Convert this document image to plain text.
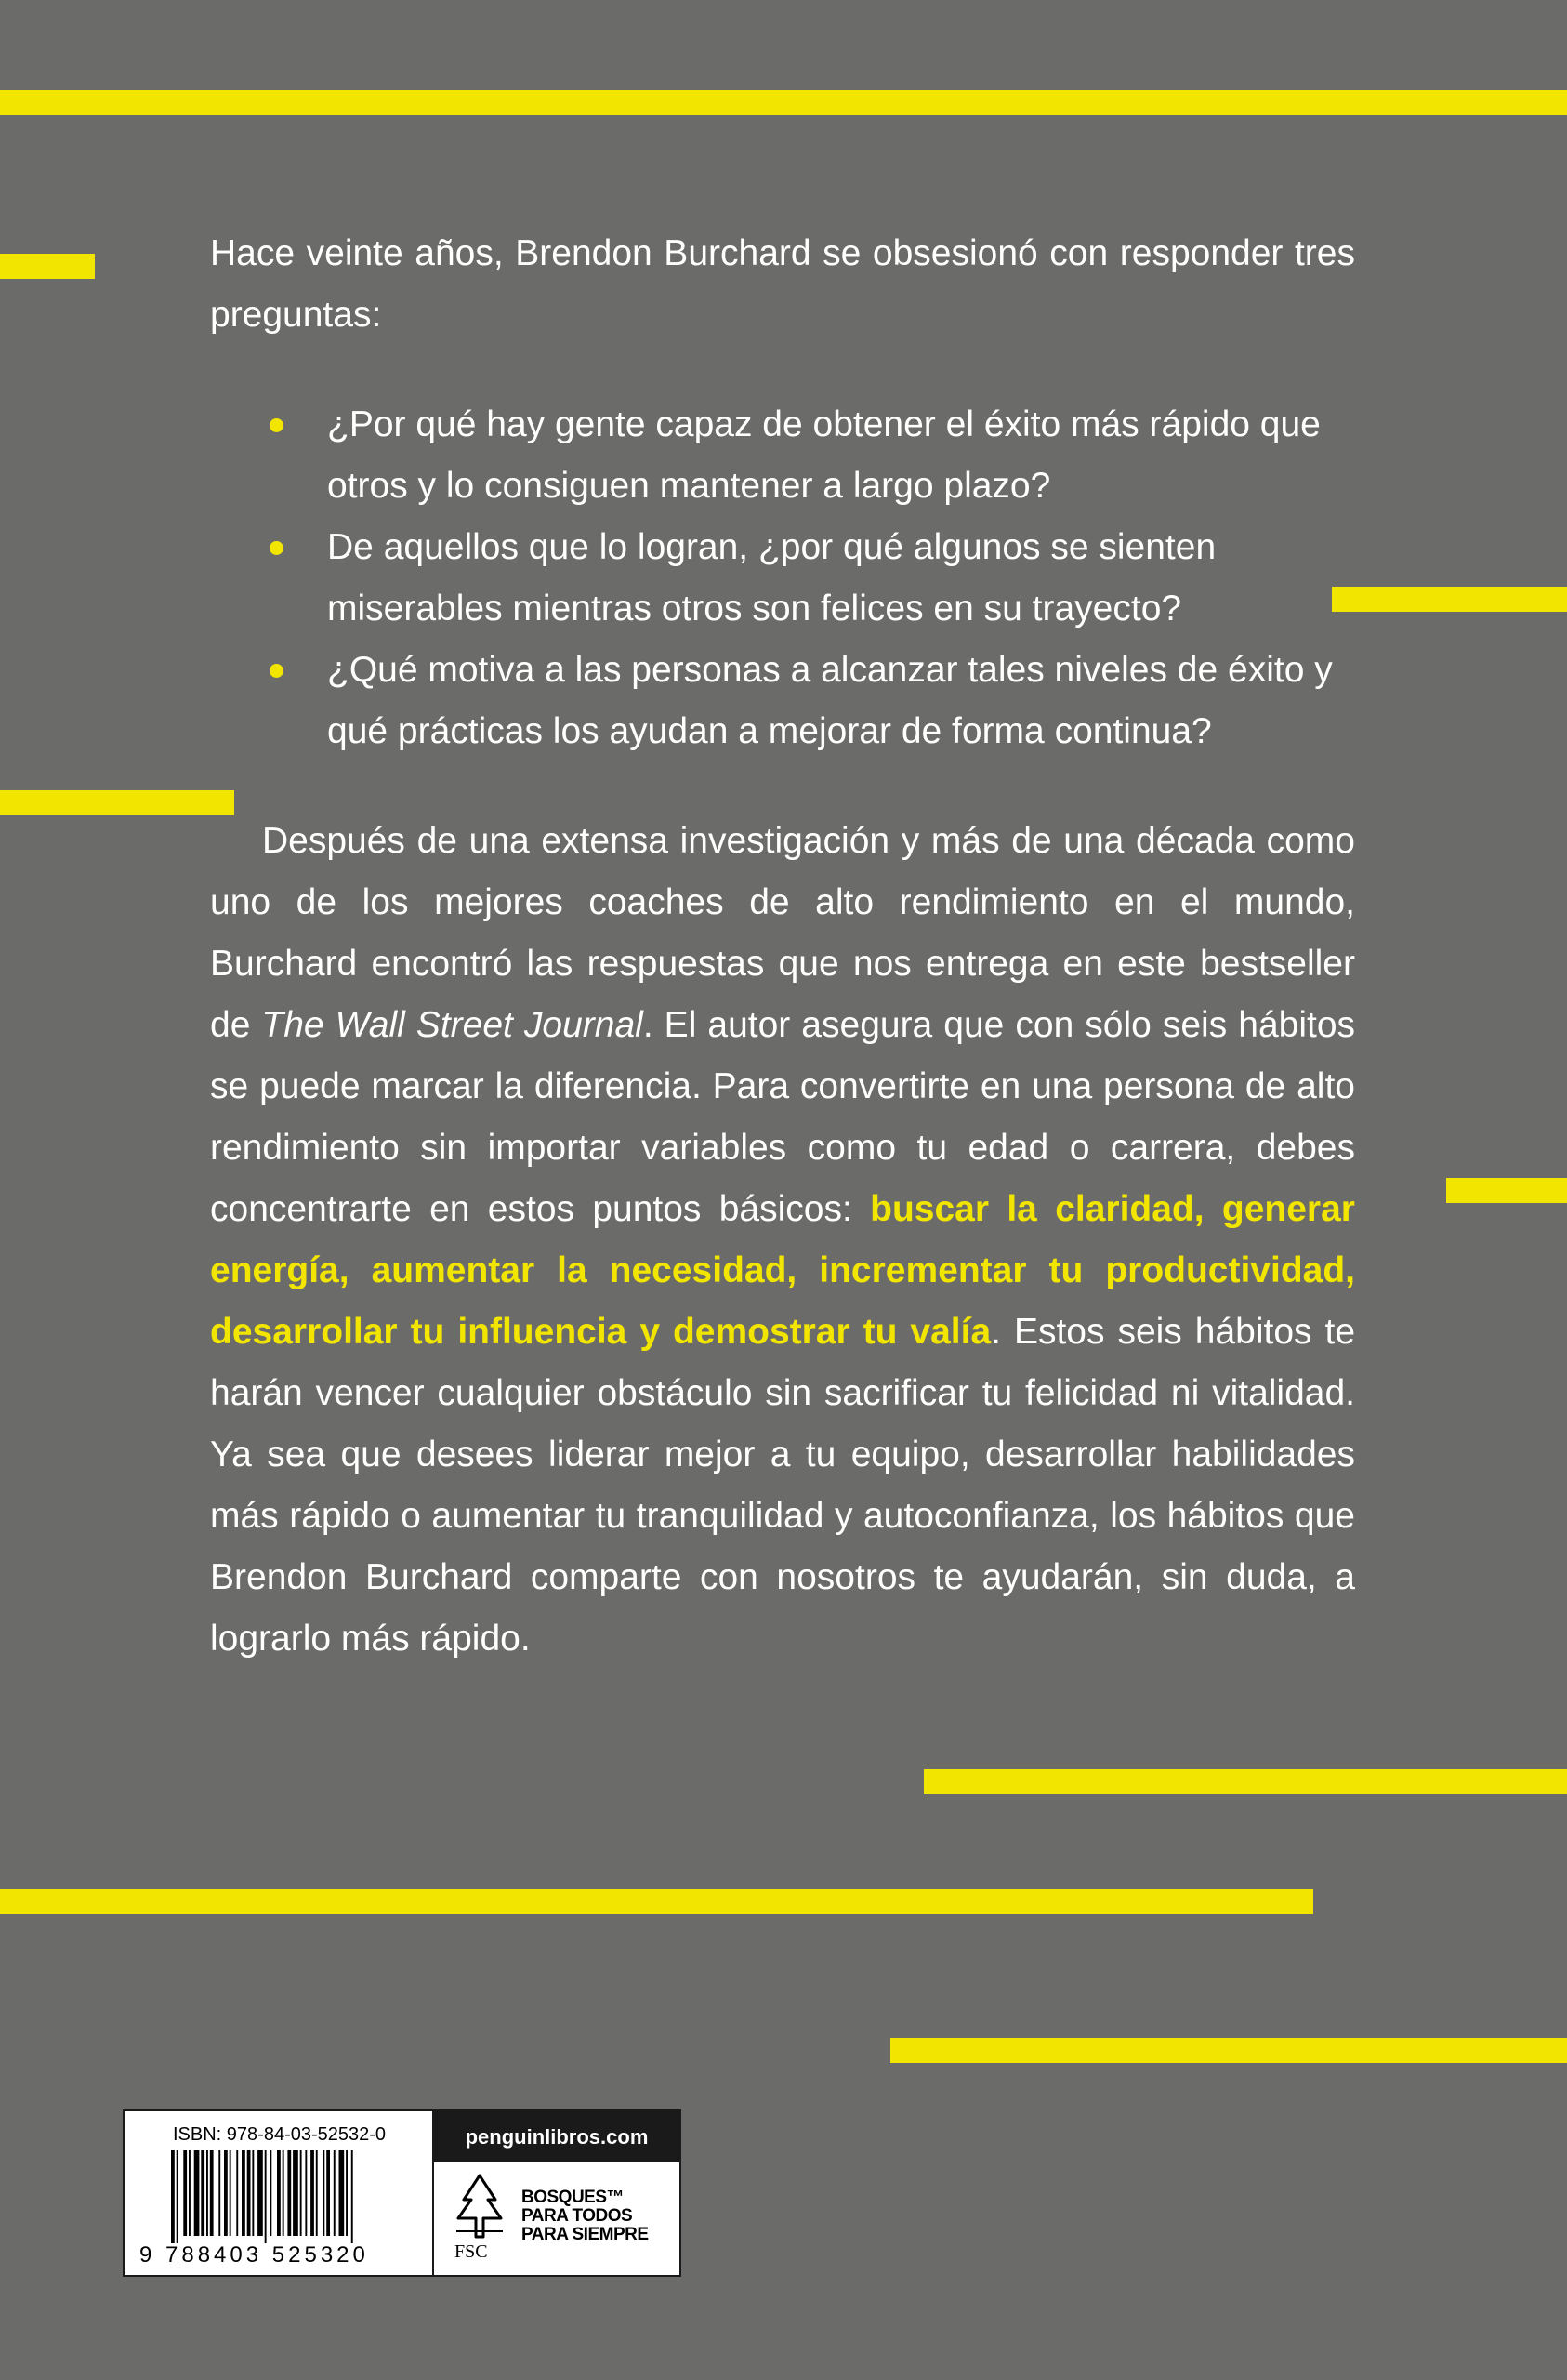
Hace veinte años, Brendon Burchard se obsesionó con responder tres preguntas:

¿Por qué hay gente capaz de obtener el éxito más rápido que otros y lo consiguen mantener a largo plazo?
De aquellos que lo logran, ¿por qué algunos se sienten miserables mientras otros son felices en su trayecto?
¿Qué motiva a las personas a alcanzar tales niveles de éxito y qué prácticas los ayudan a mejorar de forma continua?

Después de una extensa investigación y más de una década como uno de los mejores coaches de alto rendimiento en el mundo, Burchard encontró las respuestas que nos entrega en este bestseller de The Wall Street Journal. El autor asegura que con sólo seis hábitos se puede marcar la diferencia. Para convertirte en una persona de alto rendimiento sin importar variables como tu edad o carrera, debes concentrarte en estos puntos básicos: buscar la claridad, generar energía, aumentar la necesidad, incrementar tu productividad, desarrollar tu influencia y demostrar tu valía. Estos seis hábitos te harán vencer cualquier obstáculo sin sacrificar tu felicidad ni vitalidad. Ya sea que desees liderar mejor a tu equipo, desarrollar habilidades más rápido o aumentar tu tranquilidad y autoconfianza, los hábitos que Brendon Burchard comparte con nosotros te ayudarán, sin duda, a lograrlo más rápido.

ISBN: 978-84-03-52532-0
9 788403 525320
penguinlibros.com
FSC
BOSQUES™
PARA TODOS
PARA SIEMPRE
